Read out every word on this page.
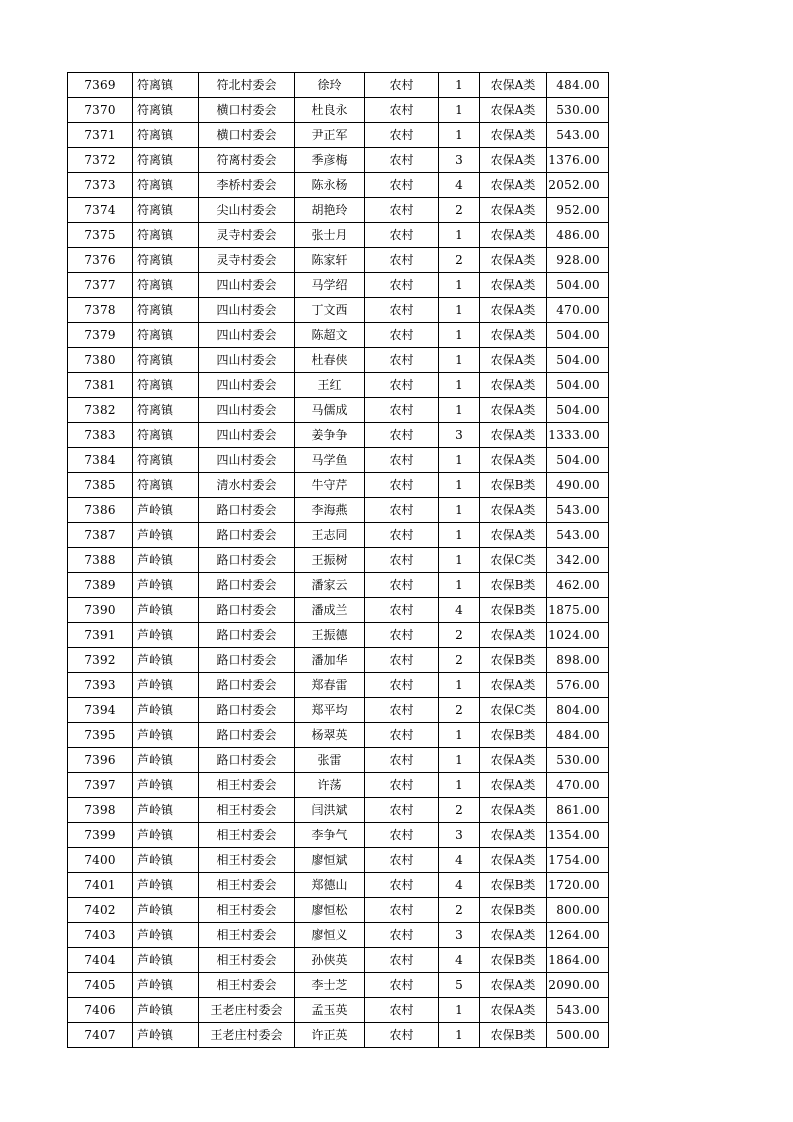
7369	符离镇	符北村委会	徐玲	农村	1	农保A类	484.00
7370	符离镇	横口村委会	杜良永	农村	1	农保A类	530.00
7371	符离镇	横口村委会	尹正军	农村	1	农保A类	543.00
7372	符离镇	符离村委会	季彦梅	农村	3	农保A类	1376.00
7373	符离镇	李桥村委会	陈永杨	农村	4	农保A类	2052.00
7374	符离镇	尖山村委会	胡艳玲	农村	2	农保A类	952.00
7375	符离镇	灵寺村委会	张士月	农村	1	农保A类	486.00
7376	符离镇	灵寺村委会	陈家轩	农村	2	农保A类	928.00
7377	符离镇	四山村委会	马学绍	农村	1	农保A类	504.00
7378	符离镇	四山村委会	丁文西	农村	1	农保A类	470.00
7379	符离镇	四山村委会	陈超文	农村	1	农保A类	504.00
7380	符离镇	四山村委会	杜春侠	农村	1	农保A类	504.00
7381	符离镇	四山村委会	王红	农村	1	农保A类	504.00
7382	符离镇	四山村委会	马儒成	农村	1	农保A类	504.00
7383	符离镇	四山村委会	姜争争	农村	3	农保A类	1333.00
7384	符离镇	四山村委会	马学鱼	农村	1	农保A类	504.00
7385	符离镇	清水村委会	牛守芹	农村	1	农保B类	490.00
7386	芦岭镇	路口村委会	李海燕	农村	1	农保A类	543.00
7387	芦岭镇	路口村委会	王志同	农村	1	农保A类	543.00
7388	芦岭镇	路口村委会	王振树	农村	1	农保C类	342.00
7389	芦岭镇	路口村委会	潘家云	农村	1	农保B类	462.00
7390	芦岭镇	路口村委会	潘成兰	农村	4	农保B类	1875.00
7391	芦岭镇	路口村委会	王振德	农村	2	农保A类	1024.00
7392	芦岭镇	路口村委会	潘加华	农村	2	农保B类	898.00
7393	芦岭镇	路口村委会	郑春雷	农村	1	农保A类	576.00
7394	芦岭镇	路口村委会	郑平均	农村	2	农保C类	804.00
7395	芦岭镇	路口村委会	杨翠英	农村	1	农保B类	484.00
7396	芦岭镇	路口村委会	张雷	农村	1	农保A类	530.00
7397	芦岭镇	相王村委会	许荡	农村	1	农保A类	470.00
7398	芦岭镇	相王村委会	闫洪斌	农村	2	农保A类	861.00
7399	芦岭镇	相王村委会	李争气	农村	3	农保A类	1354.00
7400	芦岭镇	相王村委会	廖恒斌	农村	4	农保A类	1754.00
7401	芦岭镇	相王村委会	郑德山	农村	4	农保B类	1720.00
7402	芦岭镇	相王村委会	廖恒松	农村	2	农保B类	800.00
7403	芦岭镇	相王村委会	廖恒义	农村	3	农保A类	1264.00
7404	芦岭镇	相王村委会	孙侠英	农村	4	农保B类	1864.00
7405	芦岭镇	相王村委会	李士芝	农村	5	农保A类	2090.00
7406	芦岭镇	王老庄村委会	孟玉英	农村	1	农保A类	543.00
7407	芦岭镇	王老庄村委会	许正英	农村	1	农保B类	500.00
